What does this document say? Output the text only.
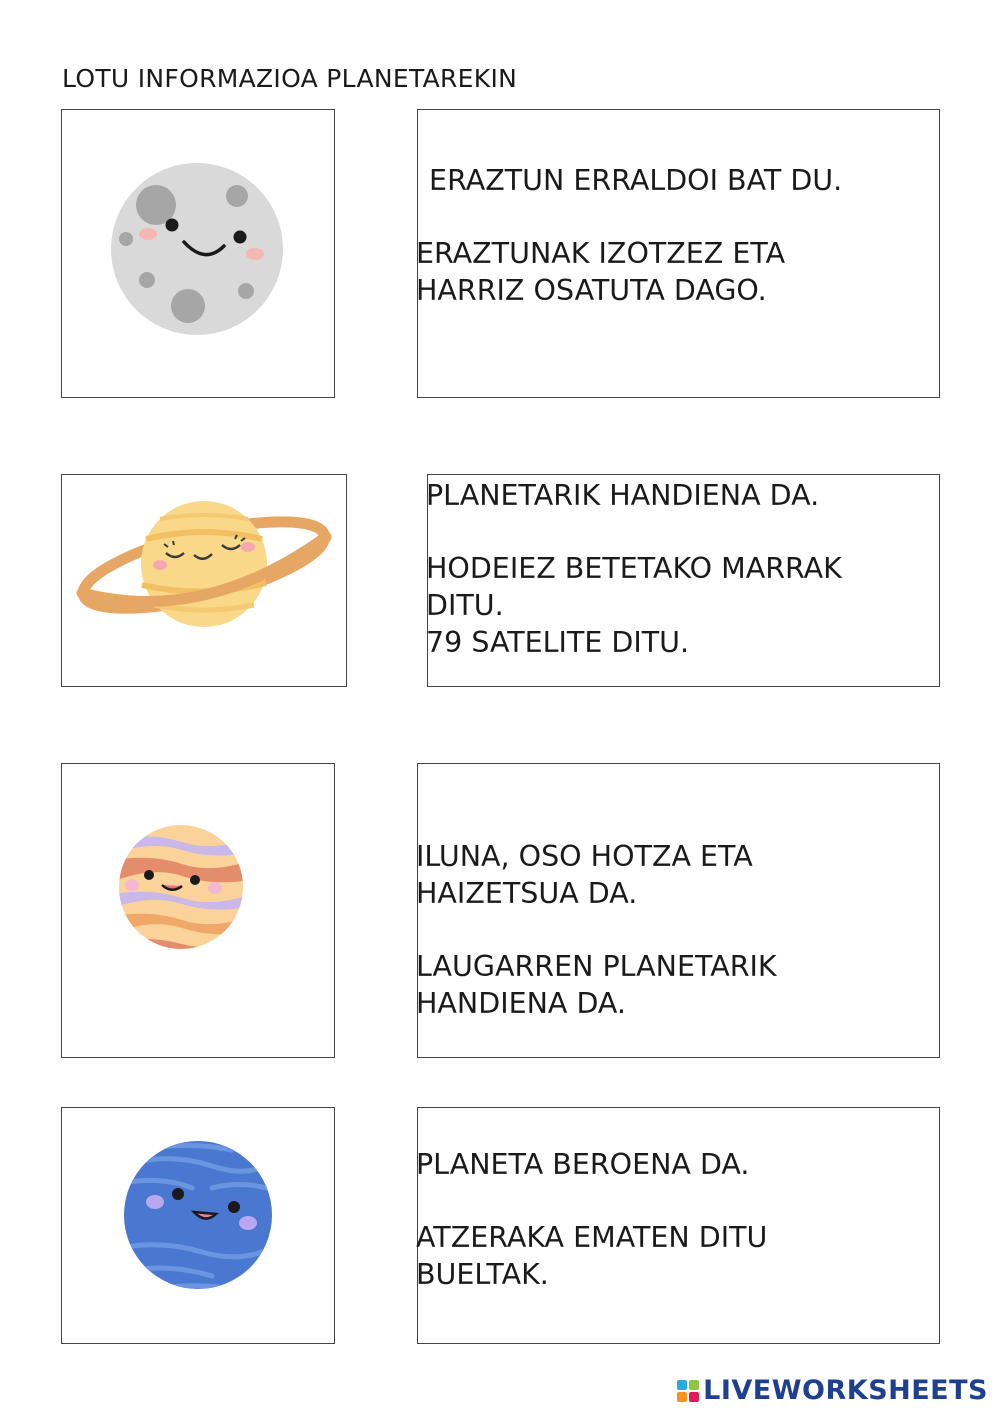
LOTU INFORMAZIOA PLANETAREKIN
ERAZTUN ERRALDOI BAT DU.
ERAZTUNAK IZOTZEZ ETA
HARRIZ OSATUTA DAGO.
PLANETARIK HANDIENA DA.
HODEIEZ BETETAKO MARRAK
DITU.
79 SATELITE DITU.
ILUNA, OSO HOTZA ETA
HAIZETSUA DA.
LAUGARREN PLANETARIK
HANDIENA DA.
PLANETA BEROENA DA.
ATZERAKA EMATEN DITU
BUELTAK.
LIVEWORKSHEETS
